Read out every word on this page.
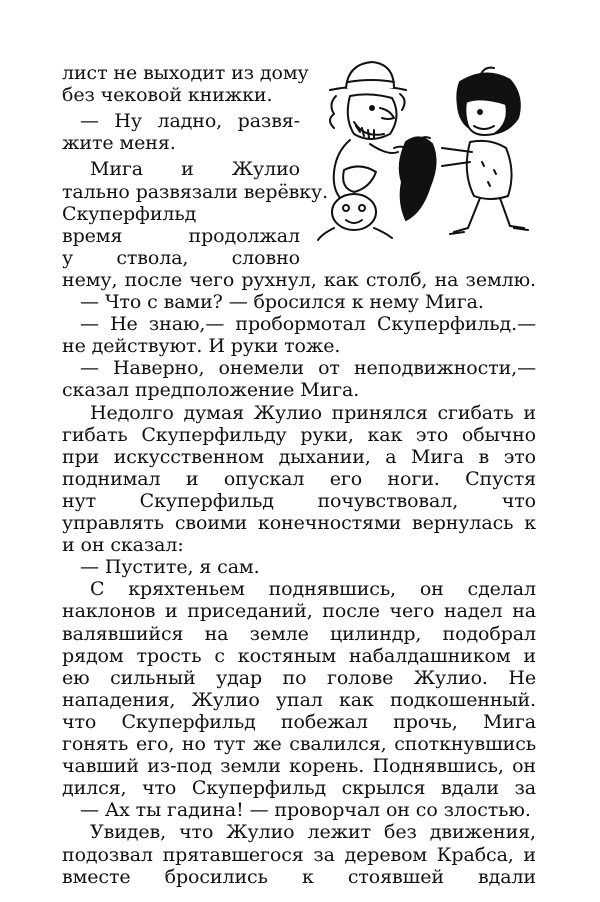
лист не выходит из дому
без чековой книжки.
— Ну ладно, развя-
жите меня.
Мига и Жулио
тально развязали верёвку.
Скуперфильд
время продолжал
у ствола, словно
нему, после чего рухнул, как столб, на землю.
— Что с вами? — бросился к нему Мига.
— Не знаю,— пробормотал Скуперфильд.—
не действуют. И руки тоже.
— Наверно, онемели от неподвижности,—
сказал предположение Мига.
Недолго думая Жулио принялся сгибать и
гибать Скуперфильду руки, как это обычно
при искусственном дыхании, а Мига в это
поднимал и опускал его ноги. Спустя
нут Скуперфильд почувствовал, что
управлять своими конечностями вернулась к
и он сказал:
— Пустите, я сам.
С кряхтеньем поднявшись, он сделал
наклонов и приседаний, после чего надел на
валявшийся на земле цилиндр, подобрал
рядом трость с костяным набалдашником и
ею сильный удар по голове Жулио. Не
нападения, Жулио упал как подкошенный.
что Скуперфильд побежал прочь, Мига
гонять его, но тут же свалился, споткнувшись
чавший из-под земли корень. Поднявшись, он
дился, что Скуперфильд скрылся вдали за
— Ах ты гадина! — проворчал он со злостью.
Увидев, что Жулио лежит без движения,
подозвал прятавшегося за деревом Крабса, и
вместе бросились к стоявшей вдали
